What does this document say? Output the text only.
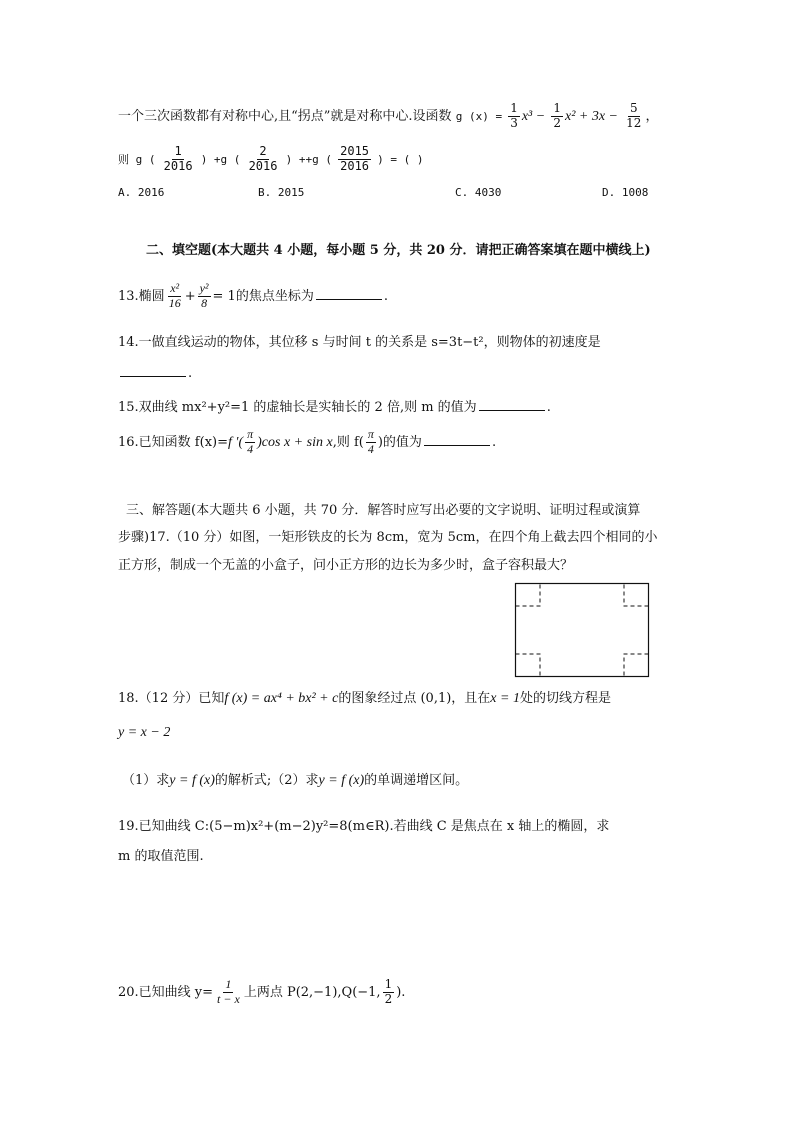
一个三次函数都有对称中心,且“拐点”就是对称中心.设函数 g $(x) = \frac{1}{3} x^3 - \frac{1}{2} x^2 + 3x - \frac{5}{12}$ ，
则 g ( $\frac{1}{2016}$ ) +g ( $\frac{2}{2016}$ ) ++g ( $\frac{2015}{2016}$ ) = ( )
A. 2016	B. 2015	C. 4030	D. 1008
二、填空题(本大题共 4 小题，每小题 5 分，共 20 分．请把正确答案填在题中横线上)
13.椭圆 $\frac{\text{x²}}{16} + \frac{\text{y²}}{8} = 1$的焦点坐标为	.
14.一做直线运动的物体，其位移 s 与时间 t 的关系是 s=3t−t²，则物体的初速度是
.
15.双曲线 mx²+y²=1 的虚轴长是实轴长的 2 倍,则 m 的值为	.
16.已知函数 f(x)=f ′( $\frac{\pi}{4} )\cos$ x + sin x,则 $f( \frac{\pi}{4}$ )的值为	.
三、解答题(本大题共 6 小题，共 70 分．解答时应写出必要的文字说明、证明过程或演算
步骤)17.（10 分）如图，一矩形铁皮的长为 8cm，宽为 5cm，在四个角上截去四个相同的小
正方形，制成一个无盖的小盒子，问小正方形的边长为多少时，盒子容积最大？
18.（12 分）已知f (x) = ax⁴ + bx² + c的图象经过点 (0,1)，且在x = 1处的切线方程是
y = x − 2
（1）求y = f (x)的解析式;（2）求y = f (x)的单调递增区间。
19.已知曲线 C:(5−m)x²+(m−2)y²=8(m∈R).若曲线 C 是焦点在 x 轴上的椭圆，求
m 的取值范围.
20.已知曲线 $y= \frac{1}{t - x}$ 上两点 P(2,−1),Q(−1, $\frac{1}{2}$ ).
